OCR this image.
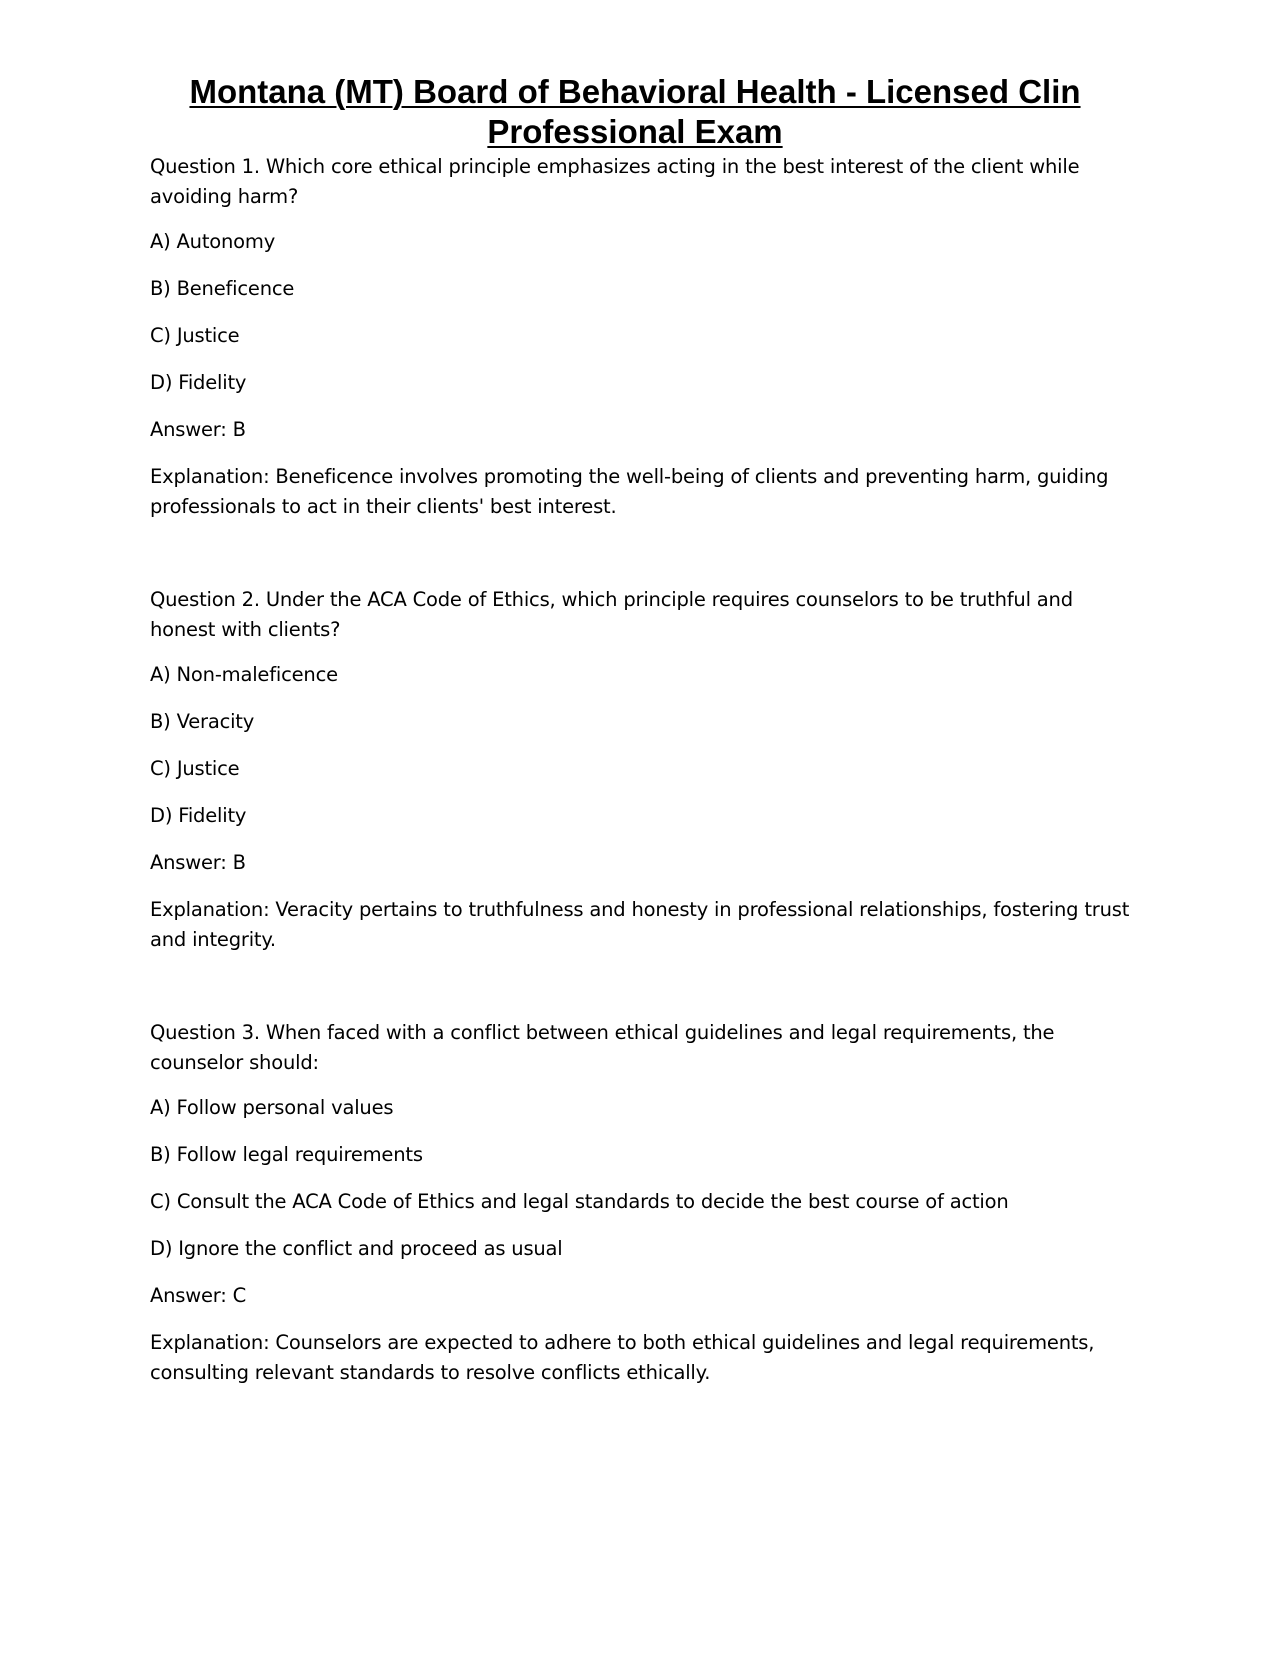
Montana (MT) Board of Behavioral Health - Licensed Clin Professional Exam

Question 1. Which core ethical principle emphasizes acting in the best interest of the client while avoiding harm?

A) Autonomy

B) Beneficence

C) Justice

D) Fidelity

Answer: B

Explanation: Beneficence involves promoting the well-being of clients and preventing harm, guiding professionals to act in their clients' best interest.

Question 2. Under the ACA Code of Ethics, which principle requires counselors to be truthful and honest with clients?

A) Non-maleficence

B) Veracity

C) Justice

D) Fidelity

Answer: B

Explanation: Veracity pertains to truthfulness and honesty in professional relationships, fostering trust and integrity.

Question 3. When faced with a conflict between ethical guidelines and legal requirements, the counselor should:

A) Follow personal values

B) Follow legal requirements

C) Consult the ACA Code of Ethics and legal standards to decide the best course of action

D) Ignore the conflict and proceed as usual

Answer: C

Explanation: Counselors are expected to adhere to both ethical guidelines and legal requirements, consulting relevant standards to resolve conflicts ethically.
